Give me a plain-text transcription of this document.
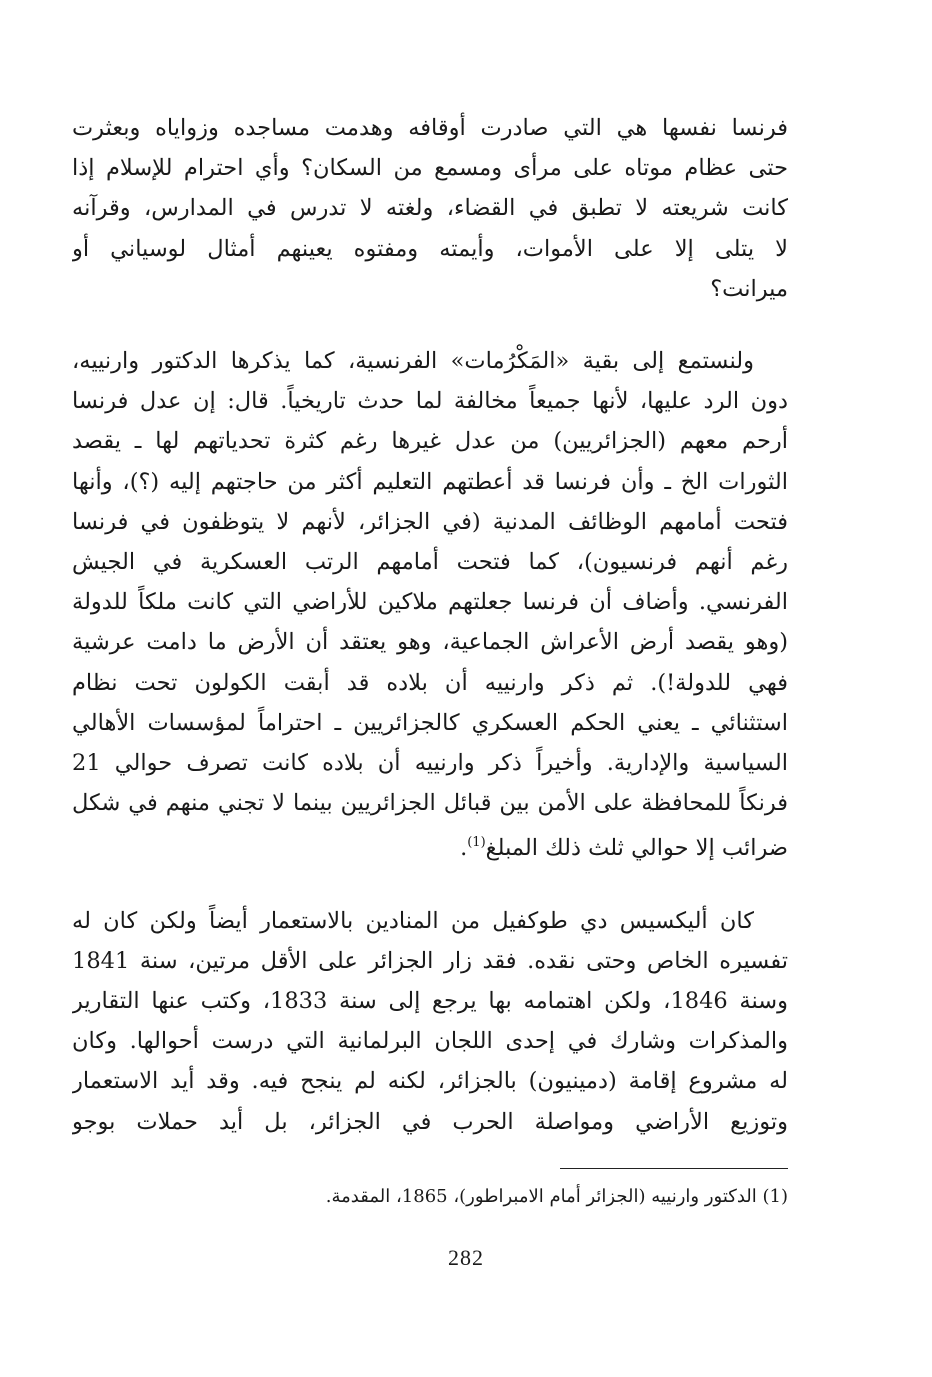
فرنسا نفسها هي التي صادرت أوقافه وهدمت مساجده وزواياه وبعثرت
حتى عظام موتاه على مرأى ومسمع من السكان؟ وأي احترام للإسلام إذا
كانت شريعته لا تطبق في القضاء، ولغته لا تدرس في المدارس، وقرآنه
لا يتلى إلا على الأموات، وأيمته ومفتوه يعينهم أمثال لوسياني أو
ميرانت؟

ولنستمع إلى بقية «المَكْرُمات» الفرنسية، كما يذكرها الدكتور وارنييه،
دون الرد عليها، لأنها جميعاً مخالفة لما حدث تاريخياً. قال: إن عدل فرنسا
أرحم معهم (الجزائريين) من عدل غيرها رغم كثرة تحدياتهم لها ـ يقصد
الثورات الخ ـ وأن فرنسا قد أعطتهم التعليم أكثر من حاجتهم إليه (؟)، وأنها
فتحت أمامهم الوظائف المدنية (في الجزائر، لأنهم لا يتوظفون في فرنسا
رغم أنهم فرنسيون)، كما فتحت أمامهم الرتب العسكرية في الجيش
الفرنسي. وأضاف أن فرنسا جعلتهم ملاكين للأراضي التي كانت ملكاً للدولة
(وهو يقصد أرض الأعراش الجماعية، وهو يعتقد أن الأرض ما دامت عرشية
فهي للدولة!). ثم ذكر وارنييه أن بلاده قد أبقت الكولون تحت نظام
استثنائي ـ يعني الحكم العسكري كالجزائريين ـ احتراماً لمؤسسات الأهالي
السياسية والإدارية. وأخيراً ذكر وارنييه أن بلاده كانت تصرف حوالي 21
فرنكاً للمحافظة على الأمن بين قبائل الجزائريين بينما لا تجني منهم في شكل
ضرائب إلا حوالي ثلث ذلك المبلغ$^{(1)}$.

كان أليكسيس دي طوكفيل من المنادين بالاستعمار أيضاً ولكن كان له
تفسيره الخاص وحتى نقده. فقد زار الجزائر على الأقل مرتين، سنة 1841
وسنة 1846، ولكن اهتمامه بها يرجع إلى سنة 1833، وكتب عنها التقارير
والمذكرات وشارك في إحدى اللجان البرلمانية التي درست أحوالها. وكان
له مشروع إقامة (دمينيون) بالجزائر، لكنه لم ينجح فيه. وقد أيد الاستعمار
وتوزيع الأراضي ومواصلة الحرب في الجزائر، بل أيد حملات بوجو

(1) الدكتور وارنييه (الجزائر أمام الامبراطور)، 1865، المقدمة.
282
